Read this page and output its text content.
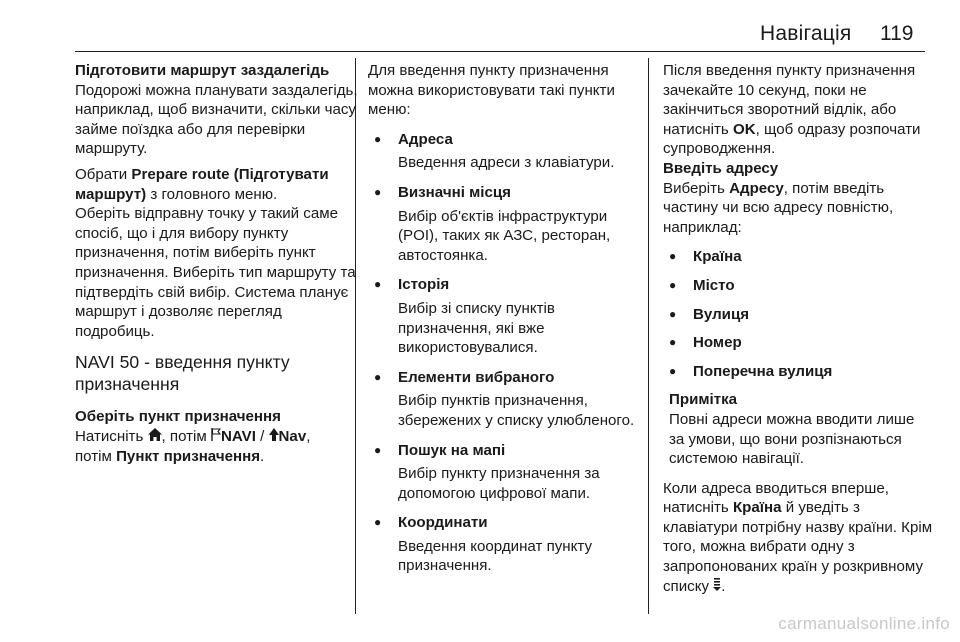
Навігація 119

Підготовити маршрут заздалегідь

Подорожі можна планувати заздалегідь, наприклад, щоб визначити, скільки часу займе поїздка або для перевірки маршруту.

Обрати Prepare route (Підготувати маршрут) з головного меню.

Оберіть відправну точку у такий саме спосіб, що і для вибору пункту призначення, потім виберіть пункт призначення. Виберіть тип маршруту та підтвердіть свій вибір. Система планує маршрут і дозволяє перегляд подробиць.

NAVI 50 - введення пункту призначення

Оберіть пункт призначення

Натисніть , потім NAVI / Nav,
потім Пункт призначення.

Для введення пункту призначення можна використовувати такі пункти меню:

● Адреса
Введення адреси з клавіатури.
● Визначні місця
Вибір об'єктів інфраструктури (POI), таких як АЗС, ресторан, автостоянка.
● Історія
Вибір зі списку пунктів призначення, які вже використовувалися.
● Елементи вибраного
Вибір пунктів призначення, збережених у списку улюбленого.
● Пошук на мапі
Вибір пункту призначення за допомогою цифрової мапи.
● Координати
Введення координат пункту призначення.

Після введення пункту призначення зачекайте 10 секунд, поки не закінчиться зворотний відлік, або натисніть OK, щоб одразу розпочати супроводження.

Введіть адресу

Виберіть Адресу, потім введіть частину чи всю адресу повністю, наприклад:

● Країна
● Місто
● Вулиця
● Номер
● Поперечна вулиця
Примітка
Повні адреси можна вводити лише за умови, що вони розпізнаються системою навігації.

Коли адреса вводиться вперше, натисніть Країна й уведіть з клавіатури потрібну назву країни. Крім того, можна вибрати одну з запропонованих країн у розкривному списку .

carmanualsonline.info
